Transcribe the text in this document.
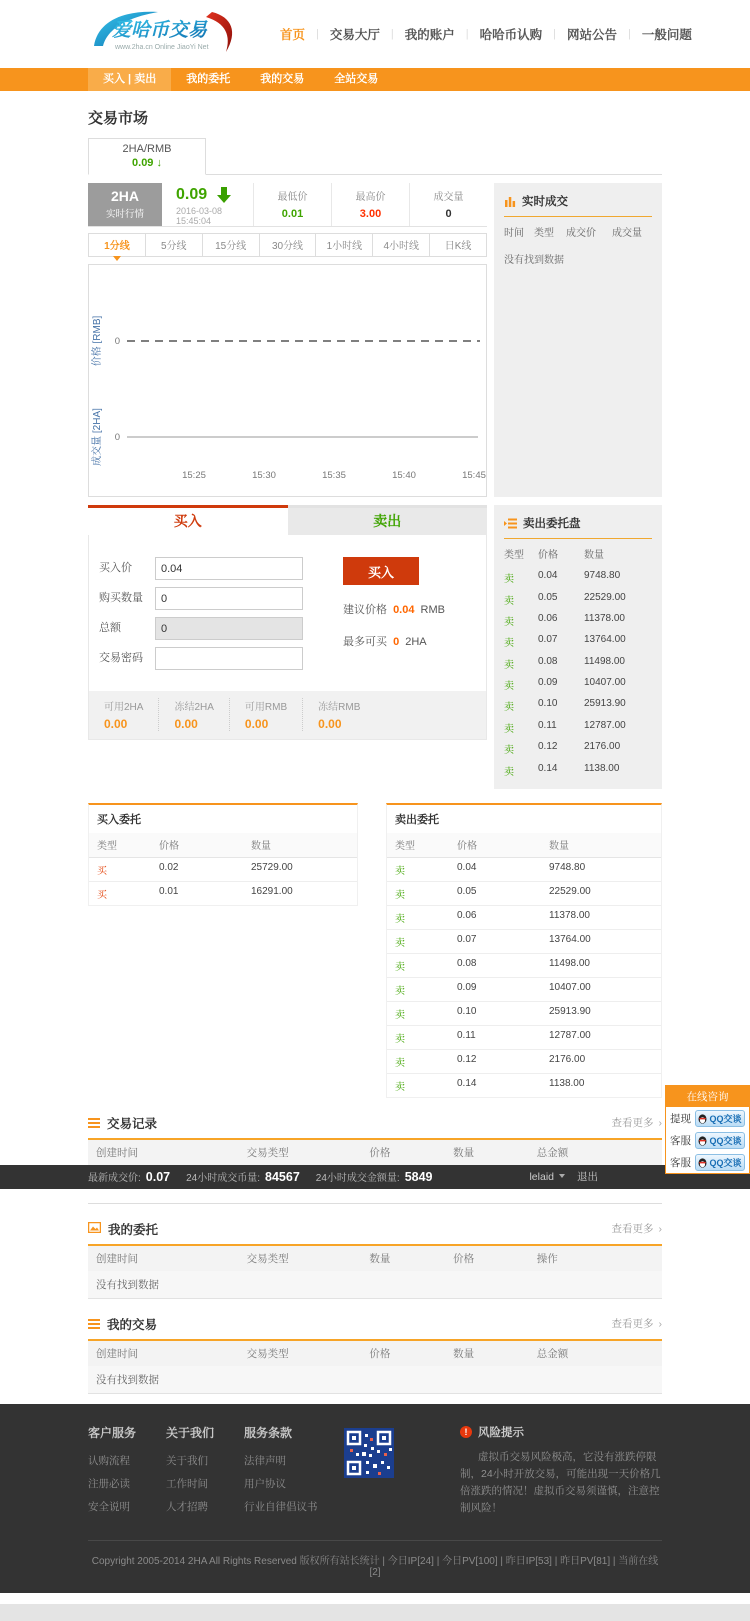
爱哈币交易
www.2ha.cn Online JiaoYi Net
首页 | 交易大厅 | 我的账户 | 哈哈币认购 | 网站公告 | 一般问题
买入 | 卖出	我的委托	我的交易	全站交易
交易市场
2HA/RMB
0.09 ↓
2HA
实时行情
0.09
2016-03-08 15:45:04
最低价
0.01
最高价
3.00
成交量
0
1分线	5分线	15分线	30分线	1小时线	4小时线	日K线
价格 [RMB] 0
成交量 [2HA] 0
15:25	15:30	15:35	15:40	15:45
实时成交
时间	类型	成交价	成交量
没有找到数据
买入	卖出
买入价
0.04
购买数量
0
总额
0
交易密码
买入
建议价格 0.04 RMB
最多可买 0 2HA
可用2HA
0.00
冻结2HA
0.00
可用RMB
0.00
冻结RMB
0.00
卖出委托盘
类型	价格	数量
卖	0.04	9748.80
卖	0.05	22529.00
卖	0.06	11378.00
卖	0.07	13764.00
卖	0.08	11498.00
卖	0.09	10407.00
卖	0.10	25913.90
卖	0.11	12787.00
卖	0.12	2176.00
卖	0.14	1138.00
买入委托
类型	价格	数量
买	0.02	25729.00
买	0.01	16291.00
卖出委托
类型	价格	数量
卖	0.04	9748.80
卖	0.05	22529.00
卖	0.06	11378.00
卖	0.07	13764.00
卖	0.08	11498.00
卖	0.09	10407.00
卖	0.10	25913.90
卖	0.11	12787.00
卖	0.12	2176.00
卖	0.14	1138.00
交易记录	查看更多 ›
创建时间	交易类型	价格	数量	总金额
最新成交价: 0.07 24小时成交币量: 84567 24小时成交金额量: 5849	lelaid 退出
我的委托	查看更多 ›
创建时间	交易类型	数量	价格	操作
没有找到数据
我的交易	查看更多 ›
创建时间	交易类型	价格	数量	总金额
没有找到数据
在线咨询
提现 QQ交谈
客服 QQ交谈
客服 QQ交谈
客户服务
认购流程
注册必读
安全说明
关于我们
关于我们
工作时间
人才招聘
服务条款
法律声明
用户协议
行业自律倡议书
! 风险提示
虚拟币交易风险极高，它没有涨跌停限制，24小时开放交易，可能出现一天价格几倍涨跌的情况！虚拟币交易须谨慎，注意控制风险！
Copyright 2005-2014 2HA All Rights Reserved 版权所有站长统计 | 今日IP[24] | 今日PV[100] | 昨日IP[53] | 昨日PV[81] | 当前在线[2]
